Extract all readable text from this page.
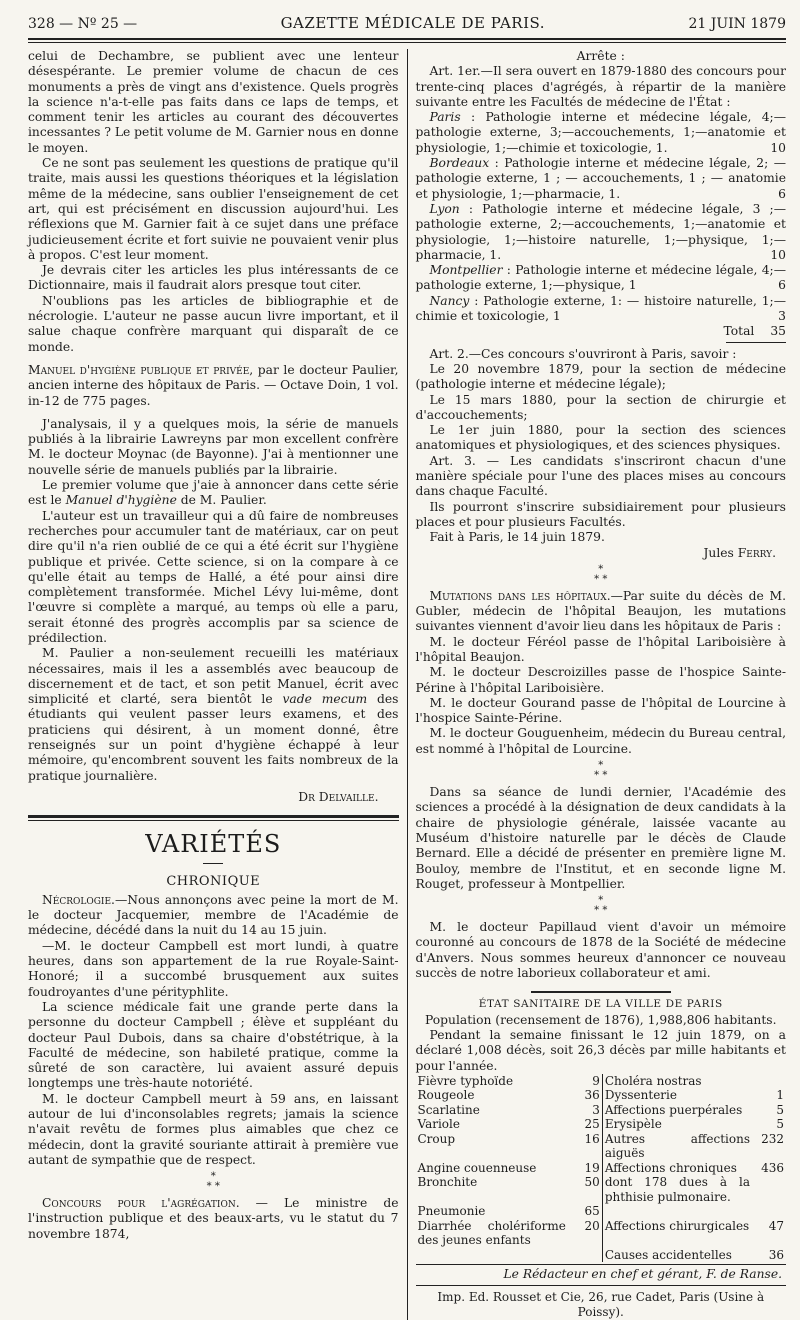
328 — Nº 25 —	GAZETTE MÉDICALE DE PARIS.	21 JUIN 1879

celui de Dechambre, se publient avec une lenteur désespérante. Le premier volume de chacun de ces monuments a près de vingt ans d'existence. Quels progrès la science n'a-t-elle pas faits dans ce laps de temps, et comment tenir les articles au courant des découvertes incessantes ? Le petit volume de M. Garnier nous en donne le moyen.

Ce ne sont pas seulement les questions de pratique qu'il traite, mais aussi les questions théoriques et la législation même de la médecine, sans oublier l'enseignement de cet art, qui est précisément en discussion aujourd'hui. Les réflexions que M. Garnier fait à ce sujet dans une préface judicieusement écrite et fort suivie ne pouvaient venir plus à propos. C'est leur moment.

Je devrais citer les articles les plus intéressants de ce Dictionnaire, mais il faudrait alors presque tout citer.

N'oublions pas les articles de bibliographie et de nécrologie. L'auteur ne passe aucun livre important, et il salue chaque confrère marquant qui disparaît de ce monde.

Manuel d'hygiène publique et privée, par le docteur Paulier, ancien interne des hôpitaux de Paris. — Octave Doin, 1 vol. in-12 de 775 pages.

J'analysais, il y a quelques mois, la série de manuels publiés à la librairie Lawreyns par mon excellent confrère M. le docteur Moynac (de Bayonne). J'ai à mentionner une nouvelle série de manuels publiés par la librairie.

Le premier volume que j'aie à annoncer dans cette série est le Manuel d'hygiène de M. Paulier.

L'auteur est un travailleur qui a dû faire de nombreuses recherches pour accumuler tant de matériaux, car on peut dire qu'il n'a rien oublié de ce qui a été écrit sur l'hygiène publique et privée. Cette science, si on la compare à ce qu'elle était au temps de Hallé, a été pour ainsi dire complètement transformée. Michel Lévy lui-même, dont l'œuvre si complète a marqué, au temps où elle a paru, serait étonné des progrès accomplis par sa science de prédilection.

M. Paulier a non-seulement recueilli les matériaux nécessaires, mais il les a assemblés avec beaucoup de discernement et de tact, et son petit Manuel, écrit avec simplicité et clarté, sera bientôt le vade mecum des étudiants qui veulent passer leurs examens, et des praticiens qui désirent, à un moment donné, être renseignés sur un point d'hygiène échappé à leur mémoire, qu'encombrent souvent les faits nombreux de la pratique journalière.

Dr Delvaille.
VARIÉTÉS
CHRONIQUE

Nécrologie.—Nous annonçons avec peine la mort de M. le docteur Jacquemier, membre de l'Académie de médecine, décédé dans la nuit du 14 au 15 juin.

—M. le docteur Campbell est mort lundi, à quatre heures, dans son appartement de la rue Royale-Saint-Honoré; il a succombé brusquement aux suites foudroyantes d'une pérityphlite.

La science médicale fait une grande perte dans la personne du docteur Campbell ; élève et suppléant du docteur Paul Dubois, dans sa chaire d'obstétrique, à la Faculté de médecine, son habileté pratique, comme la sûreté de son caractère, lui avaient assuré depuis longtemps une très-haute notoriété.

M. le docteur Campbell meurt à 59 ans, en laissant autour de lui d'inconsolables regrets; jamais la science n'avait revêtu de formes plus aimables que chez ce médecin, dont la gravité souriante attirait à première vue autant de sympathie que de respect.

*
* *

Concours pour l'agrégation. — Le ministre de l'instruction publique et des beaux-arts, vu le statut du 7 novembre 1874,

Arrête :

Art. 1er.—Il sera ouvert en 1879-1880 des concours pour trente-cinq places d'agrégés, à répartir de la manière suivante entre les Facultés de médecine de l'État :

Paris : Pathologie interne et médecine légale, 4;—pathologie externe, 3;—accouchements, 1;—anatomie et physiologie, 1;—chimie et toxicologie, 1.	10

Bordeaux : Pathologie interne et médecine légale, 2; — pathologie externe, 1 ; — accouchements, 1 ; — anatomie et physiologie, 1;—pharmacie, 1.	6

Lyon : Pathologie interne et médecine légale, 3 ;—pathologie externe, 2;—accouchements, 1;—anatomie et physiologie, 1;—histoire naturelle, 1;—physique, 1;—pharmacie, 1.	10

Montpellier : Pathologie interne et médecine légale, 4;—pathologie externe, 1;—physique, 1	6

Nancy : Pathologie externe, 1: — histoire naturelle, 1;—chimie et toxicologie, 1	3

Total 35

Art. 2.—Ces concours s'ouvriront à Paris, savoir :

Le 20 novembre 1879, pour la section de médecine (pathologie interne et médecine légale);

Le 15 mars 1880, pour la section de chirurgie et d'accouchements;

Le 1er juin 1880, pour la section des sciences anatomiques et physiologiques, et des sciences physiques.

Art. 3. — Les candidats s'inscriront chacun d'une manière spéciale pour l'une des places mises au concours dans chaque Faculté.

Ils pourront s'inscrire subsidiairement pour plusieurs places et pour plusieurs Facultés.

Fait à Paris, le 14 juin 1879.

Jules Ferry.
*
* *

Mutations dans les hôpitaux.—Par suite du décès de M. Gubler, médecin de l'hôpital Beaujon, les mutations suivantes viennent d'avoir lieu dans les hôpitaux de Paris :

M. le docteur Féréol passe de l'hôpital Lariboisière à l'hôpital Beaujon.

M. le docteur Descroizilles passe de l'hospice Sainte-Périne à l'hôpital Lariboisière.

M. le docteur Gourand passe de l'hôpital de Lourcine à l'hospice Sainte-Périne.

M. le docteur Gouguenheim, médecin du Bureau central, est nommé à l'hôpital de Lourcine.

*
* *

Dans sa séance de lundi dernier, l'Académie des sciences a procédé à la désignation de deux candidats à la chaire de physiologie générale, laissée vacante au Muséum d'histoire naturelle par le décès de Claude Bernard. Elle a décidé de présenter en première ligne M. Bouloy, membre de l'Institut, et en seconde ligne M. Rouget, professeur à Montpellier.

*
* *

M. le docteur Papillaud vient d'avoir un mémoire couronné au concours de 1878 de la Société de médecine d'Anvers. Nous sommes heureux d'annoncer ce nouveau succès de notre laborieux collaborateur et ami.

ÉTAT SANITAIRE DE LA VILLE DE PARIS
Population (recensement de 1876), 1,988,806 habitants.

Pendant la semaine finissant le 12 juin 1879, on a déclaré 1,008 décès, soit 26,3 décès par mille habitants et pour l'année.

Fièvre typhoïde	9	Choléra nostras	
Rougeole	36	Dyssenterie	1
Scarlatine	3	Affections puerpérales	5
Variole	25	Erysipèle	5
Croup	16	Autres affections aiguës	232
Angine couenneuse	19	Affections chroniques	436
Bronchite	50	dont 178 dues à la phthisie pulmonaire.	
Pneumonie	65		
Diarrhée cholériforme des jeunes enfants	20	Affections chirurgicales	47
		Causes accidentelles	36
Le Rédacteur en chef et gérant, F. de Ranse.
Imp. Ed. Rousset et Cie, 26, rue Cadet, Paris (Usine à Poissy).
